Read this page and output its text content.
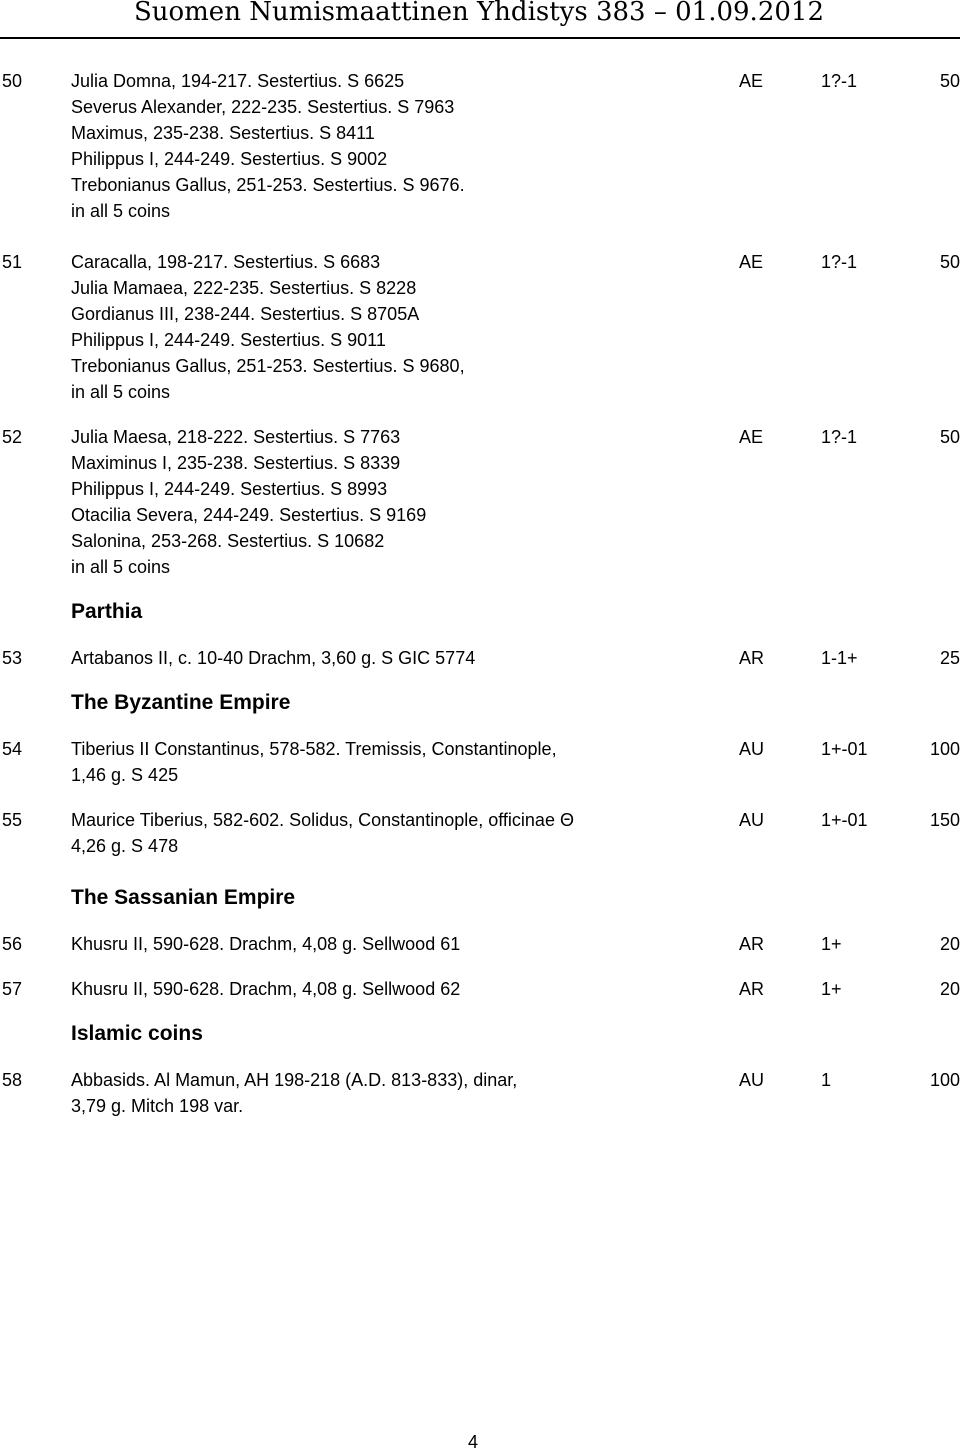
Suomen Numismaattinen Yhdistys 383 – 01.09.2012
50	Julia Domna, 194-217. Sestertius. S 6625
Severus Alexander, 222-235. Sestertius. S 7963
Maximus, 235-238. Sestertius. S 8411
Philippus I, 244-249. Sestertius. S 9002
Trebonianus Gallus, 251-253. Sestertius. S 9676.
in all 5 coins
AE	1?-1	50
51	Caracalla, 198-217. Sestertius. S 6683
Julia Mamaea, 222-235. Sestertius. S 8228
Gordianus III, 238-244. Sestertius. S 8705A
Philippus I, 244-249. Sestertius. S 9011
Trebonianus Gallus, 251-253. Sestertius. S 9680,
in all 5 coins
AE	1?-1	50
52	Julia Maesa, 218-222. Sestertius. S 7763
Maximinus I, 235-238. Sestertius. S 8339
Philippus I, 244-249. Sestertius. S 8993
Otacilia Severa, 244-249. Sestertius. S 9169
Salonina, 253-268. Sestertius. S 10682
in all 5 coins
AE	1?-1	50
Parthia
53	Artabanos II, c. 10-40 Drachm, 3,60 g. S GIC 5774	AR	1-1+	25
The Byzantine Empire
54	Tiberius II Constantinus, 578-582. Tremissis, Constantinople,
1,46 g. S 425
AU	1+-01	100
55	Maurice Tiberius, 582-602. Solidus, Constantinople, officinae Θ
4,26 g. S 478
AU	1+-01	150
The Sassanian Empire
56	Khusru II, 590-628. Drachm, 4,08 g. Sellwood 61	AR	1+	20
57	Khusru II, 590-628. Drachm, 4,08 g. Sellwood 62	AR	1+	20
Islamic coins
58	Abbasids. Al Mamun, AH 198-218 (A.D. 813-833), dinar,
3,79 g. Mitch 198 var.
AU	1	100
4
